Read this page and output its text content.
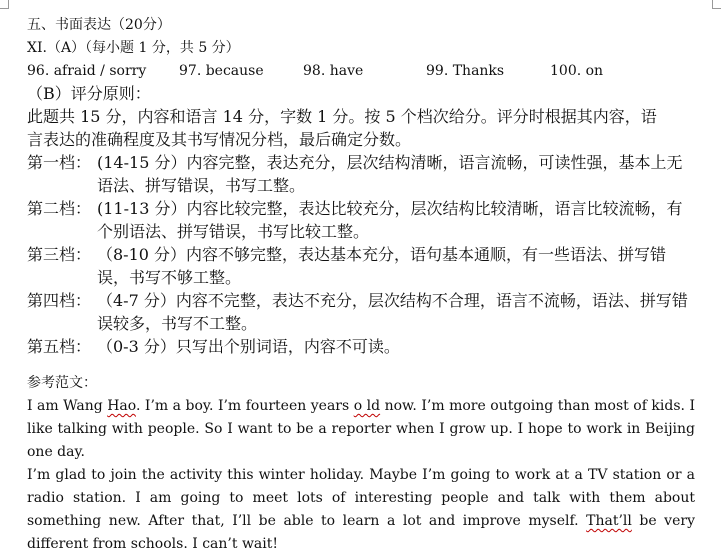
五、书面表达（20分）
XI.（A）（每小题 1 分，共 5 分）
96. afraid / sorry	97. because	98. have	99. Thanks	100. on
（B）评分原则：
此题共 15 分，内容和语言 14 分，字数 1 分。按 5 个档次给分。评分时根据其内容，语
言表达的准确程度及其书写情况分档，最后确定分数。
第一档： (14-15 分）内容完整，表达充分，层次结构清晰，语言流畅，可读性强，基本上无语法、拼写错误，书写工整。
第二档： (11-13 分）内容比较完整，表达比较充分，层次结构比较清晰，语言比较流畅，有个别语法、拼写错误，书写比较工整。
第三档： （8-10 分）内容不够完整，表达基本充分，语句基本通顺，有一些语法、拼写错误，书写不够工整。
第四档： （4-7 分）内容不完整，表达不充分，层次结构不合理，语言不流畅，语法、拼写错误较多，书写不工整。
第五档： （0-3 分）只写出个别词语，内容不可读。
参考范文：
I am Wang Hao. I’m a boy. I’m fourteen years o ld now. I’m more outgoing than most of kids. I like talking with people. So I want to be a reporter when I grow up. I hope to work in Beijing one day.
I’m glad to join the activity this winter holiday. Maybe I’m going to work at a TV station or a radio station. I am going to meet lots of interesting people and talk with them about something new. After that, I’ll be able to learn a lot and improve myself. That’ll be very different from schools. I can’t wait!
